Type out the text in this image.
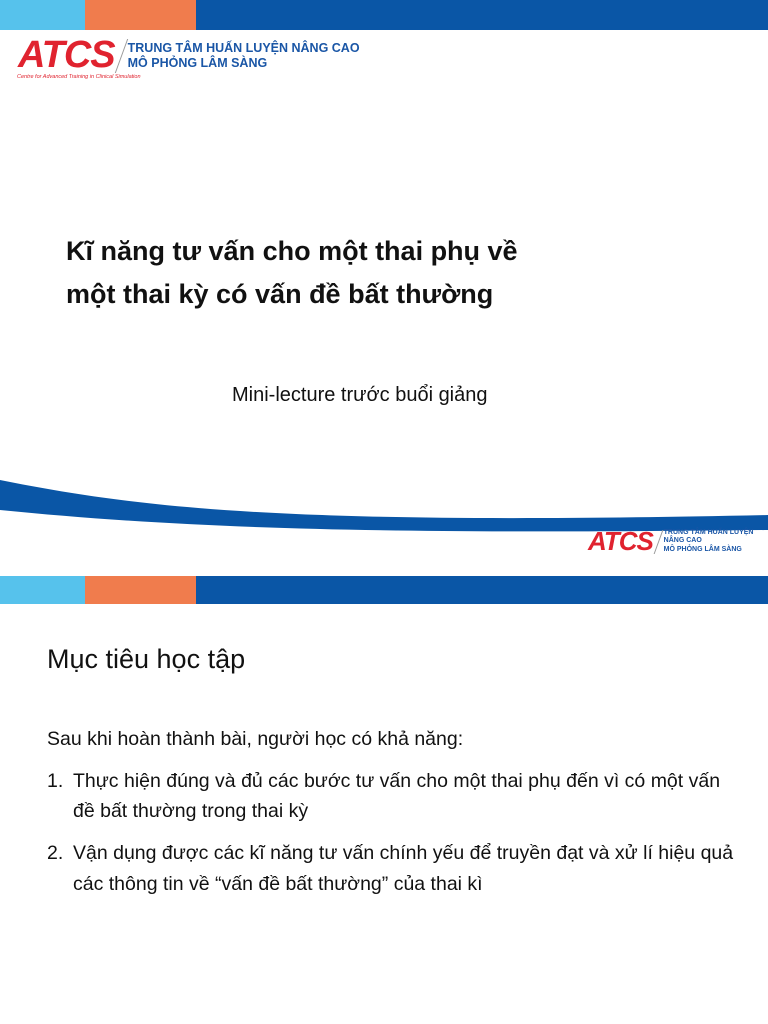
ATCS TRUNG TÂM HUẤN LUYỆN NÂNG CAO
MÔ PHỎNG LÂM SÀNG
Centre for Advanced Training in Clinical Simulation
Kĩ năng tư vấn cho một thai phụ về
một thai kỳ có vấn đề bất thường

Mini-lecture trước buổi giảng

ATCS TRUNG TÂM HUẤN LUYỆN NÂNG CAO
MÔ PHỎNG LÂM SÀNG
Mục tiêu học tập

Sau khi hoàn thành bài, người học có khả năng:

1. Thực hiện đúng và đủ các bước tư vấn cho một thai phụ đến vì có một vấn đề bất thường trong thai kỳ
2. Vận dụng được các kĩ năng tư vấn chính yếu để truyền đạt và xử lí hiệu quả các thông tin về “vấn đề bất thường” của thai kì
